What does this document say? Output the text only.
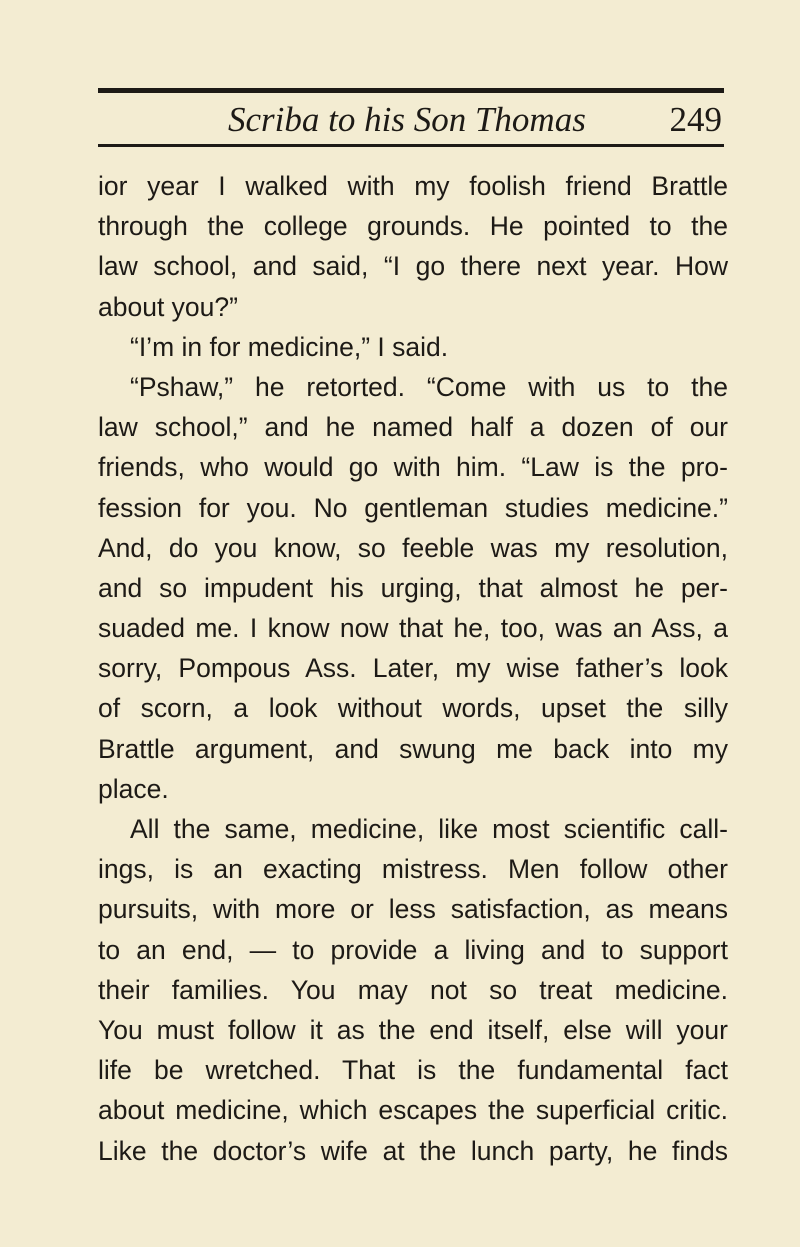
Scriba to his Son Thomas 249
ior year I walked with my foolish friend Brattle
through the college grounds. He pointed to the
law school, and said, “I go there next year. How
about you?”
“I’m in for medicine,” I said.
“Pshaw,” he retorted. “Come with us to the
law school,” and he named half a dozen of our
friends, who would go with him. “Law is the pro-
fession for you. No gentleman studies medicine.”
And, do you know, so feeble was my resolution,
and so impudent his urging, that almost he per-
suaded me. I know now that he, too, was an Ass, a
sorry, Pompous Ass. Later, my wise father’s look
of scorn, a look without words, upset the silly
Brattle argument, and swung me back into my
place.
All the same, medicine, like most scientific call-
ings, is an exacting mistress. Men follow other
pursuits, with more or less satisfaction, as means
to an end, — to provide a living and to support
their families. You may not so treat medicine.
You must follow it as the end itself, else will your
life be wretched. That is the fundamental fact
about medicine, which escapes the superficial critic.
Like the doctor’s wife at the lunch party, he finds
